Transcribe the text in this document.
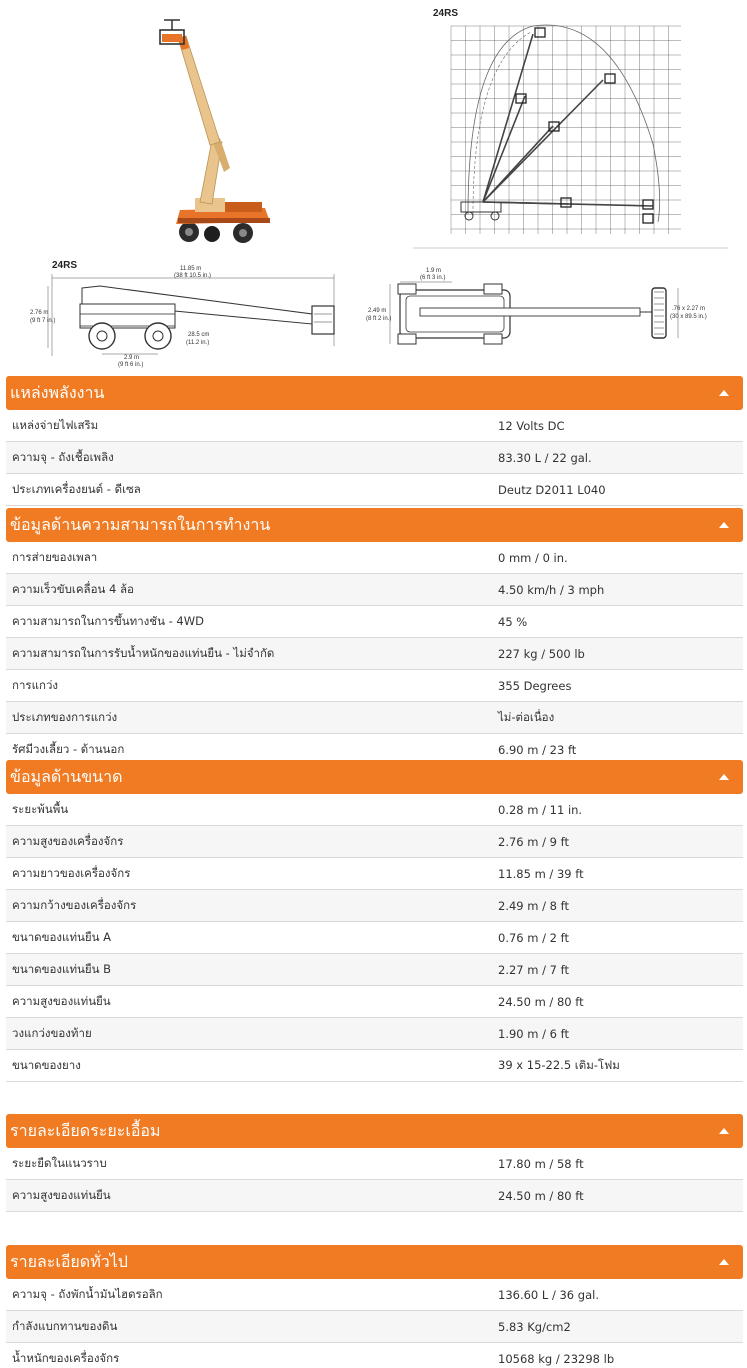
24RS
24RS	11.85 m
(38 ft 10.5 in.)
2.76 m
(9 ft 7 in.)
2.9 m
(9 ft 6 in.)
28.5 cm
(11.2 in.)
1.9 m
(6 ft 3 in.)
2.49 m
(8 ft 2 in.)
.76 x 2.27 m
(30 x 89.5 in.)
แหล่งพลังงาน
แหล่งจ่ายไฟเสริม	12 Volts DC
ความจุ - ถังเชื้อเพลิง	83.30 L / 22 gal.
ประเภทเครื่องยนต์ - ดีเซล	Deutz D2011 L040
ข้อมูลด้านความสามารถในการทำงาน
การส่ายของเพลา	0 mm / 0 in.
ความเร็วขับเคลื่อน 4 ล้อ	4.50 km/h / 3 mph
ความสามารถในการขึ้นทางชัน - 4WD	45 %
ความสามารถในการรับน้ำหนักของแท่นยืน - ไม่จำกัด	227 kg / 500 lb
การแกว่ง	355 Degrees
ประเภทของการแกว่ง	ไม่-ต่อเนื่อง
รัศมีวงเลี้ยว - ด้านนอก	6.90 m / 23 ft
ข้อมูลด้านขนาด
ระยะพ้นพื้น	0.28 m / 11 in.
ความสูงของเครื่องจักร	2.76 m / 9 ft
ความยาวของเครื่องจักร	11.85 m / 39 ft
ความกว้างของเครื่องจักร	2.49 m / 8 ft
ขนาดของแท่นยืน A	0.76 m / 2 ft
ขนาดของแท่นยืน B	2.27 m / 7 ft
ความสูงของแท่นยืน	24.50 m / 80 ft
วงแกว่งของท้าย	1.90 m / 6 ft
ขนาดของยาง	39 x 15-22.5 เติม-โฟม
รายละเอียดระยะเอื้อม
ระยะยืดในแนวราบ	17.80 m / 58 ft
ความสูงของแท่นยืน	24.50 m / 80 ft
รายละเอียดทั่วไป
ความจุ - ถังพักน้ำมันไฮดรอลิก	136.60 L / 36 gal.
กำลังแบกทานของดิน	5.83 Kg/cm2
น้ำหนักของเครื่องจักร	10568 kg / 23298 lb
